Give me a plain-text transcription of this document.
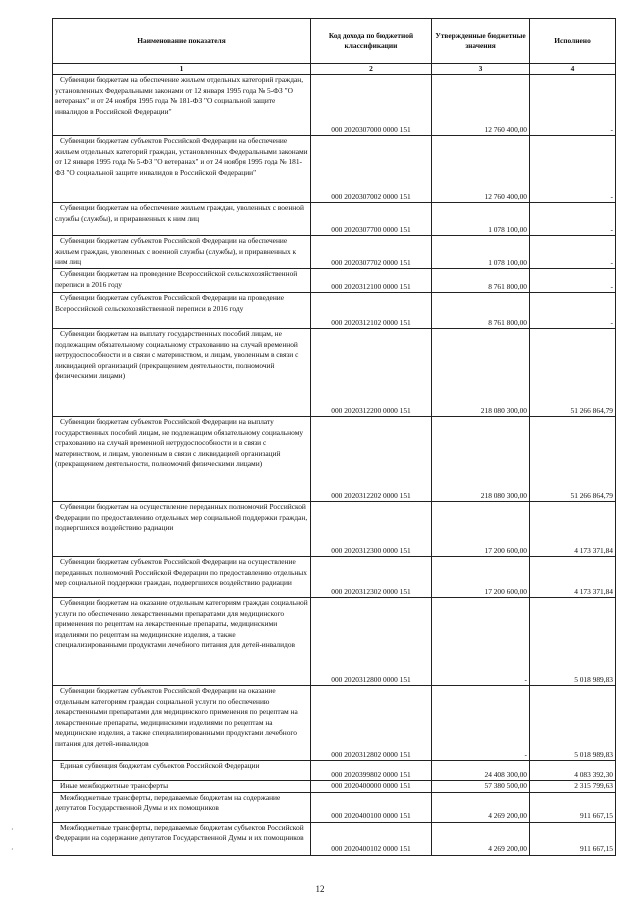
Наименование показателя	Код дохода по бюджетной классификации	Утвержденные бюджетные значения	Исполнено
1	2	3	4
Субвенции бюджетам на обеспечение жильем отдельных категорий граждан, установленных Федеральными законами от 12 января 1995 года № 5-ФЗ "О ветеранах" и от 24 ноября 1995 года № 181-ФЗ "О социальной защите инвалидов в Российской Федерации"	000 2020307000 0000 151	12 760 400,00	-
Субвенции бюджетам субъектов Российской Федерации на обеспечение жильем отдельных категорий граждан, установленных Федеральными законами от 12 января 1995 года № 5-ФЗ "О ветеранах" и от 24 ноября 1995 года № 181-ФЗ "О социальной защите инвалидов в Российской Федерации"	000 2020307002 0000 151	12 760 400,00	-
Субвенции бюджетам на обеспечение жильем граждан, уволенных с военной службы (службы), и приравненных к ним лиц	000 2020307700 0000 151	1 078 100,00	-
Субвенции бюджетам субъектов Российской Федерации на обеспечение жильем граждан, уволенных с военной службы (службы), и приравненных к ним лиц	000 2020307702 0000 151	1 078 100,00	-
Субвенции бюджетам на проведение Всероссийской сельскохозяйственной переписи в 2016 году	000 2020312100 0000 151	8 761 800,00	-
Субвенции бюджетам субъектов Российской Федерации на проведение Всероссийской сельскохозяйственной переписи в 2016 году	000 2020312102 0000 151	8 761 800,00	-
Субвенции бюджетам на выплату государственных пособий лицам, не подлежащим обязательному социальному страхованию на случай временной нетрудоспособности и в связи с материнством, и лицам, уволенным в связи с ликвидацией организаций (прекращением деятельности, полномочий физическими лицами)	000 2020312200 0000 151	218 080 300,00	51 266 864,79
Субвенции бюджетам субъектов Российской Федерации на выплату государственных пособий лицам, не подлежащим обязательному социальному страхованию на случай временной нетрудоспособности и в связи с материнством, и лицам, уволенным в связи с ликвидацией организаций (прекращением деятельности, полномочий физическими лицами)	000 2020312202 0000 151	218 080 300,00	51 266 864,79
Субвенции бюджетам на осуществление переданных полномочий Российской Федерации по предоставлению отдельных мер социальной поддержки граждан, подвергшихся воздействию радиации	000 2020312300 0000 151	17 200 600,00	4 173 371,84
Субвенции бюджетам субъектов Российской Федерации на осуществление переданных полномочий Российской Федерации по предоставлению отдельных мер социальной поддержки граждан, подвергшихся воздействию радиации	000 2020312302 0000 151	17 200 600,00	4 173 371,84
Субвенции бюджетам на оказание отдельным категориям граждан социальной услуги по обеспечению лекарственными препаратами для медицинского применения по рецептам на лекарственные препараты, медицинскими изделиями по рецептам на медицинские изделия, а также специализированными продуктами лечебного питания для детей-инвалидов	000 2020312800 0000 151	-	5 018 989,83
Субвенции бюджетам субъектов Российской Федерации на оказание отдельным категориям граждан социальной услуги по обеспечению лекарственными препаратами для медицинского применения по рецептам на лекарственные препараты, медицинскими изделиями по рецептам на медицинские изделия, а также специализированными продуктами лечебного питания для детей-инвалидов	000 2020312802 0000 151	-	5 018 989,83
Единая субвенция бюджетам субъектов Российской Федерации	000 2020399802 0000 151	24 408 300,00	4 083 392,30
Иные межбюджетные трансферты	000 2020400000 0000 151	57 380 500,00	2 315 799,63
Межбюджетные трансферты, передаваемые бюджетам на содержание депутатов Государственной Думы и их помощников	000 2020400100 0000 151	4 269 200,00	911 667,15
Межбюджетные трансферты, передаваемые бюджетам субъектов Российской Федерации на содержание депутатов Государственной Думы и их помощников	000 2020400102 0000 151	4 269 200,00	911 667,15
·
·
12
